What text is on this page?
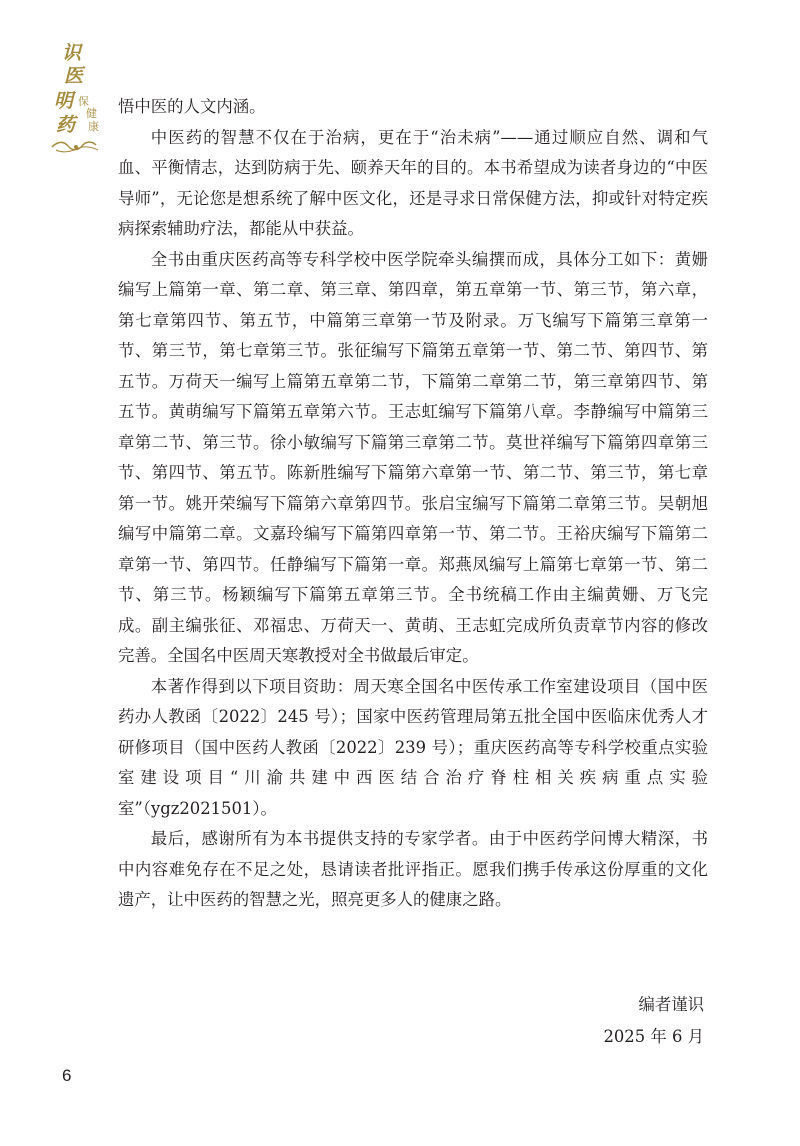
识
医
明
药
保
健
康

悟中医的人文内涵。

中医药的智慧不仅在于治病，更在于“治未病”——通过顺应自然、调和气血、平衡情志，达到防病于先、颐养天年的目的。本书希望成为读者身边的“中医导师”，无论您是想系统了解中医文化，还是寻求日常保健方法，抑或针对特定疾病探索辅助疗法，都能从中获益。

全书由重庆医药高等专科学校中医学院牵头编撰而成，具体分工如下：黄姗编写上篇第一章、第二章、第三章、第四章，第五章第一节、第三节，第六章，第七章第四节、第五节，中篇第三章第一节及附录。万飞编写下篇第三章第一节、第三节，第七章第三节。张征编写下篇第五章第一节、第二节、第四节、第五节。万荷天一编写上篇第五章第二节，下篇第二章第二节，第三章第四节、第五节。黄萌编写下篇第五章第六节。王志虹编写下篇第八章。李静编写中篇第三章第二节、第三节。徐小敏编写下篇第三章第二节。莫世祥编写下篇第四章第三节、第四节、第五节。陈新胜编写下篇第六章第一节、第二节、第三节，第七章第一节。姚开荣编写下篇第六章第四节。张启宝编写下篇第二章第三节。吴朝旭编写中篇第二章。文嘉玲编写下篇第四章第一节、第二节。王裕庆编写下篇第二章第一节、第四节。任静编写下篇第一章。郑燕凤编写上篇第七章第一节、第二节、第三节。杨颖编写下篇第五章第三节。全书统稿工作由主编黄姗、万飞完成。副主编张征、邓福忠、万荷天一、黄萌、王志虹完成所负责章节内容的修改完善。全国名中医周天寒教授对全书做最后审定。

本著作得到以下项目资助：周天寒全国名中医传承工作室建设项目（国中医药办人教函〔2022〕245 号）；国家中医药管理局第五批全国中医临床优秀人才研修项目（国中医药人教函〔2022〕239 号）；重庆医药高等专科学校重点实验室建设项目“川渝共建中西医结合治疗脊柱相关疾病重点实验室”（ygz2021501）。

最后，感谢所有为本书提供支持的专家学者。由于中医药学问博大精深，书中内容难免存在不足之处，恳请读者批评指正。愿我们携手传承这份厚重的文化遗产，让中医药的智慧之光，照亮更多人的健康之路。

编者谨识
2025 年 6 月
6
